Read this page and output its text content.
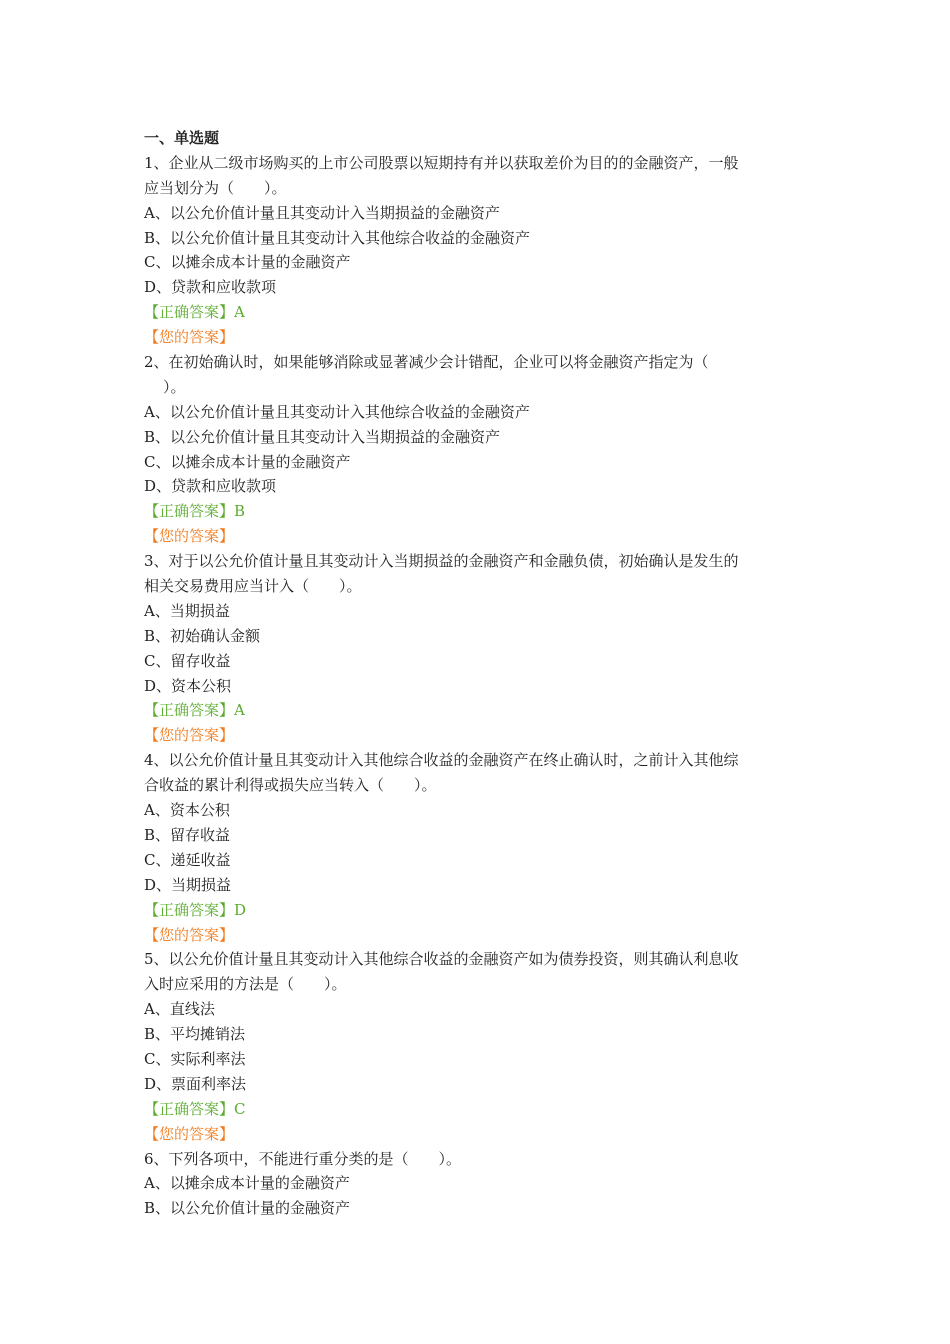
一、单选题
1、企业从二级市场购买的上市公司股票以短期持有并以获取差价为目的的金融资产，一般
应当划分为（　　）。
A、以公允价值计量且其变动计入当期损益的金融资产
B、以公允价值计量且其变动计入其他综合收益的金融资产
C、以摊余成本计量的金融资产
D、贷款和应收款项
【正确答案】A
【您的答案】
2、在初始确认时，如果能够消除或显著减少会计错配，企业可以将金融资产指定为（
）。
A、以公允价值计量且其变动计入其他综合收益的金融资产
B、以公允价值计量且其变动计入当期损益的金融资产
C、以摊余成本计量的金融资产
D、贷款和应收款项
【正确答案】B
【您的答案】
3、对于以公允价值计量且其变动计入当期损益的金融资产和金融负债，初始确认是发生的
相关交易费用应当计入（　　）。
A、当期损益
B、初始确认金额
C、留存收益
D、资本公积
【正确答案】A
【您的答案】
4、以公允价值计量且其变动计入其他综合收益的金融资产在终止确认时，之前计入其他综
合收益的累计利得或损失应当转入（　　）。
A、资本公积
B、留存收益
C、递延收益
D、当期损益
【正确答案】D
【您的答案】
5、以公允价值计量且其变动计入其他综合收益的金融资产如为债券投资，则其确认利息收
入时应采用的方法是（　　）。
A、直线法
B、平均摊销法
C、实际利率法
D、票面利率法
【正确答案】C
【您的答案】
6、下列各项中，不能进行重分类的是（　　）。
A、以摊余成本计量的金融资产
B、以公允价值计量的金融资产
